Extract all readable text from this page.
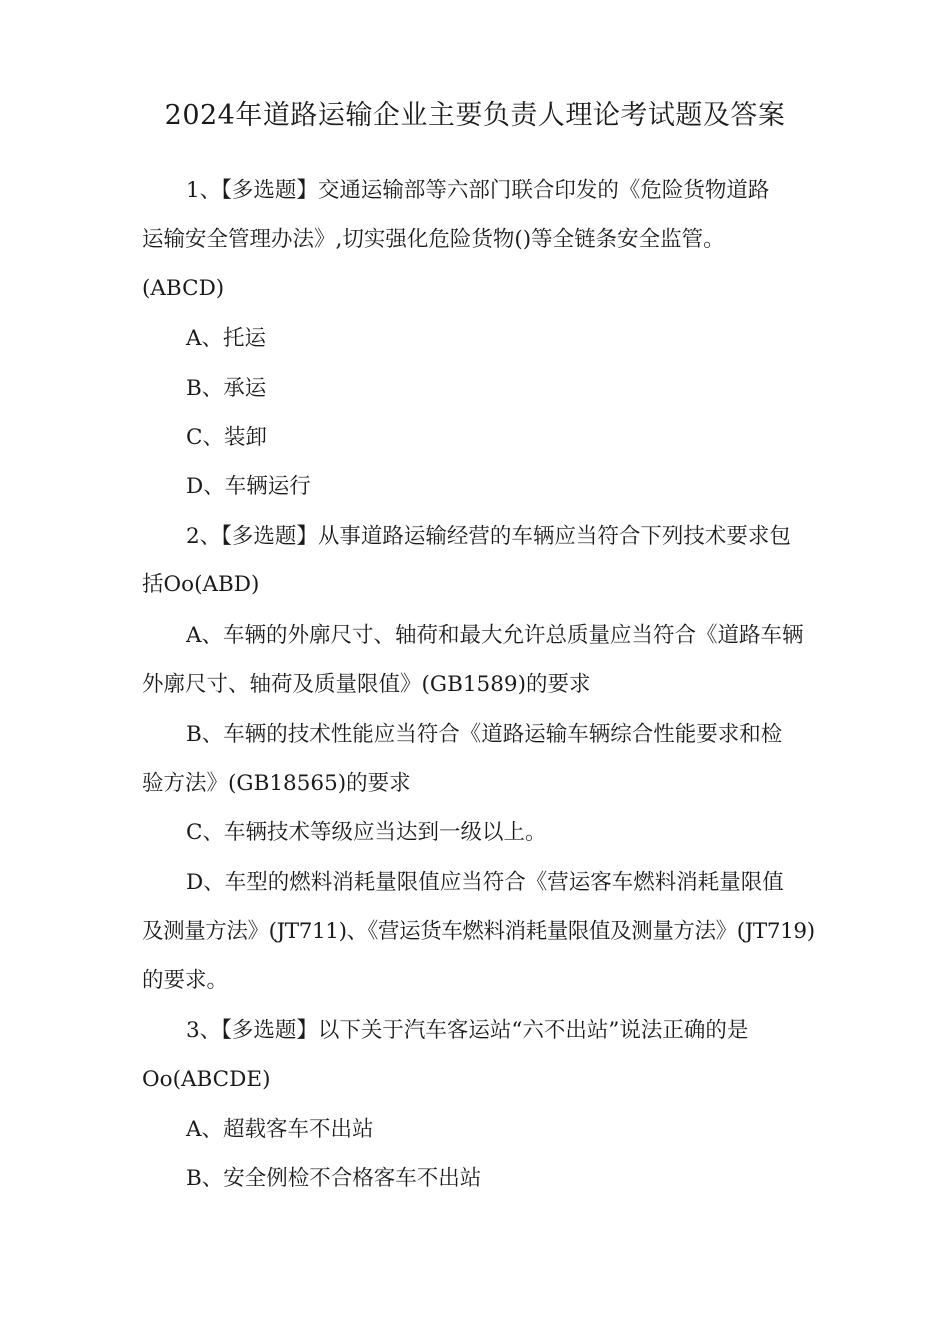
2024年道路运输企业主要负责人理论考试题及答案
1、【多选题】交通运输部等六部门联合印发的《危险货物道路
运输安全管理办法》,切实强化危险货物()等全链条安全监管。
(ABCD)
A、托运
B、承运
C、装卸
D、车辆运行
2、【多选题】从事道路运输经营的车辆应当符合下列技术要求包
括Oo(ABD)
A、车辆的外廓尺寸、轴荷和最大允许总质量应当符合《道路车辆
外廓尺寸、轴荷及质量限值》(GB1589)的要求
B、车辆的技术性能应当符合《道路运输车辆综合性能要求和检
验方法》(GB18565)的要求
C、车辆技术等级应当达到一级以上。
D、车型的燃料消耗量限值应当符合《营运客车燃料消耗量限值
及测量方法》(JT711)、《营运货车燃料消耗量限值及测量方法》(JT719)
的要求。
3、【多选题】以下关于汽车客运站“六不出站”说法正确的是
Oo(ABCDE)
A、超载客车不出站
B、安全例检不合格客车不出站
